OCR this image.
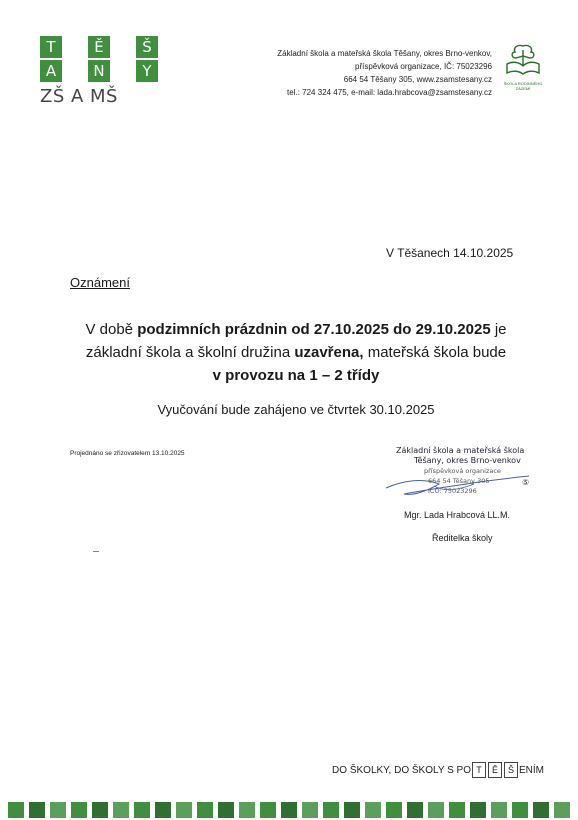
T	Ě	Š
A	N	Y
ZŠ A MŠ
Základní škola a mateřská škola Těšany, okres Brno-venkov,
příspěvková organizace, IČ: 75023296
664 54 Těšany 305, www.zsamstesany.cz
tel.: 724 324 475, e-mail: lada.hrabcova@zsamstesany.cz
ŠKOLA RODINNÉHO ZÁZEMÍ
V Těšanech 14.10.2025
Oznámení
V době podzimních prázdnin od 27.10.2025 do 29.10.2025 je
základní škola a školní družina uzavřena, mateřská škola bude
v provozu na 1 – 2 třídy
Vyučování bude zahájeno ve čtvrtek 30.10.2025
Projednáno se zřizovatelem 13.10.2025	Základní škola a mateřská škola
Těšany, okres Brno-venkov
příspěvková organizace
664 54 Těšany 305
IČO: 75023296
⑤
Mgr. Lada Hrabcová LL.M.
Ředitelka školy
DO ŠKOLKY, DO ŠKOLY S PO T	Ě	Š ENÍM
